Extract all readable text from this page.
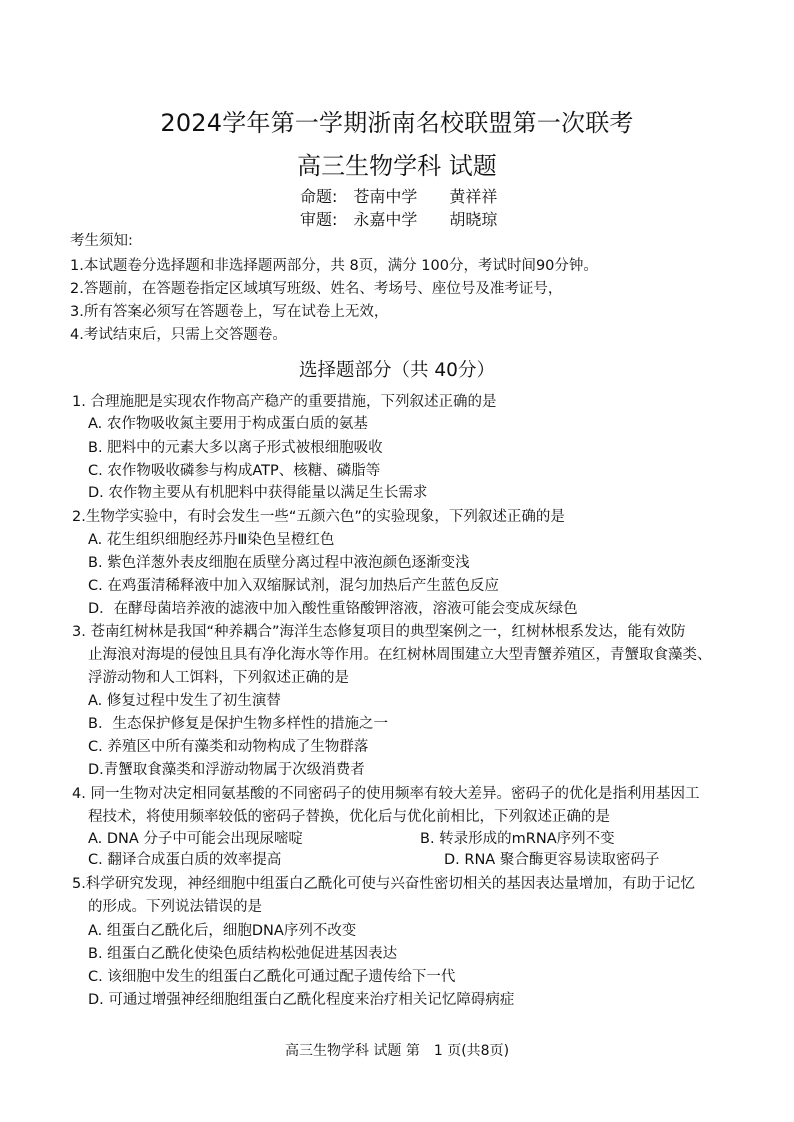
2024学年第一学期浙南名校联盟第一次联考
高三生物学科 试题
命题:　苍南中学　　黄祥祥
审题:　永嘉中学　　胡晓琼
考生须知:
1.本试题卷分选择题和非选择题两部分，共 8页，满分 100分，考试时间90分钟。
2.答题前，在答题卷指定区域填写班级、姓名、考场号、座位号及准考证号，
3.所有答案必须写在答题卷上，写在试卷上无效，
4.考试结束后，只需上交答题卷。
选择题部分（共 40分）
1. 合理施肥是实现农作物高产稳产的重要措施，下列叙述正确的是
A. 农作物吸收氮主要用于构成蛋白质的氨基
B. 肥料中的元素大多以离子形式被根细胞吸收
C. 农作物吸收磷参与构成ATP、核糖、磷脂等
D. 农作物主要从有机肥料中获得能量以满足生长需求
2.生物学实验中，有时会发生一些“五颜六色”的实验现象，下列叙述正确的是
A. 花生组织细胞经苏丹Ⅲ染色呈橙红色
B. 紫色洋葱外表皮细胞在质壁分离过程中液泡颜色逐渐变浅
C. 在鸡蛋清稀释液中加入双缩脲试剂，混匀加热后产生蓝色反应
D．在酵母菌培养液的滤液中加入酸性重铬酸钾溶液，溶液可能会变成灰绿色
3. 苍南红树林是我国“种养耦合”海洋生态修复项目的典型案例之一，红树林根系发达，能有效防
止海浪对海堤的侵蚀且具有净化海水等作用。在红树林周围建立大型青蟹养殖区，青蟹取食藻类、
浮游动物和人工饵料，下列叙述正确的是
A. 修复过程中发生了初生演替
B．生态保护修复是保护生物多样性的措施之一
C. 养殖区中所有藻类和动物构成了生物群落
D.青蟹取食藻类和浮游动物属于次级消费者
4. 同一生物对决定相同氨基酸的不同密码子的使用频率有较大差异。密码子的优化是指利用基因工
程技术，将使用频率较低的密码子替换，优化后与优化前相比，下列叙述正确的是
A. DNA 分子中可能会出现尿嘧啶	B. 转录形成的mRNA序列不变
C. 翻译合成蛋白质的效率提高	D. RNA 聚合酶更容易读取密码子
5.科学研究发现，神经细胞中组蛋白乙酰化可使与兴奋性密切相关的基因表达量增加，有助于记忆
的形成。下列说法错误的是
A. 组蛋白乙酰化后，细胞DNA序列不改变
B. 组蛋白乙酰化使染色质结构松弛促进基因表达
C. 该细胞中发生的组蛋白乙酰化可通过配子遗传给下一代
D. 可通过增强神经细胞组蛋白乙酰化程度来治疗相关记忆障碍病症
高三生物学科 试题 第　1 页(共8页)
